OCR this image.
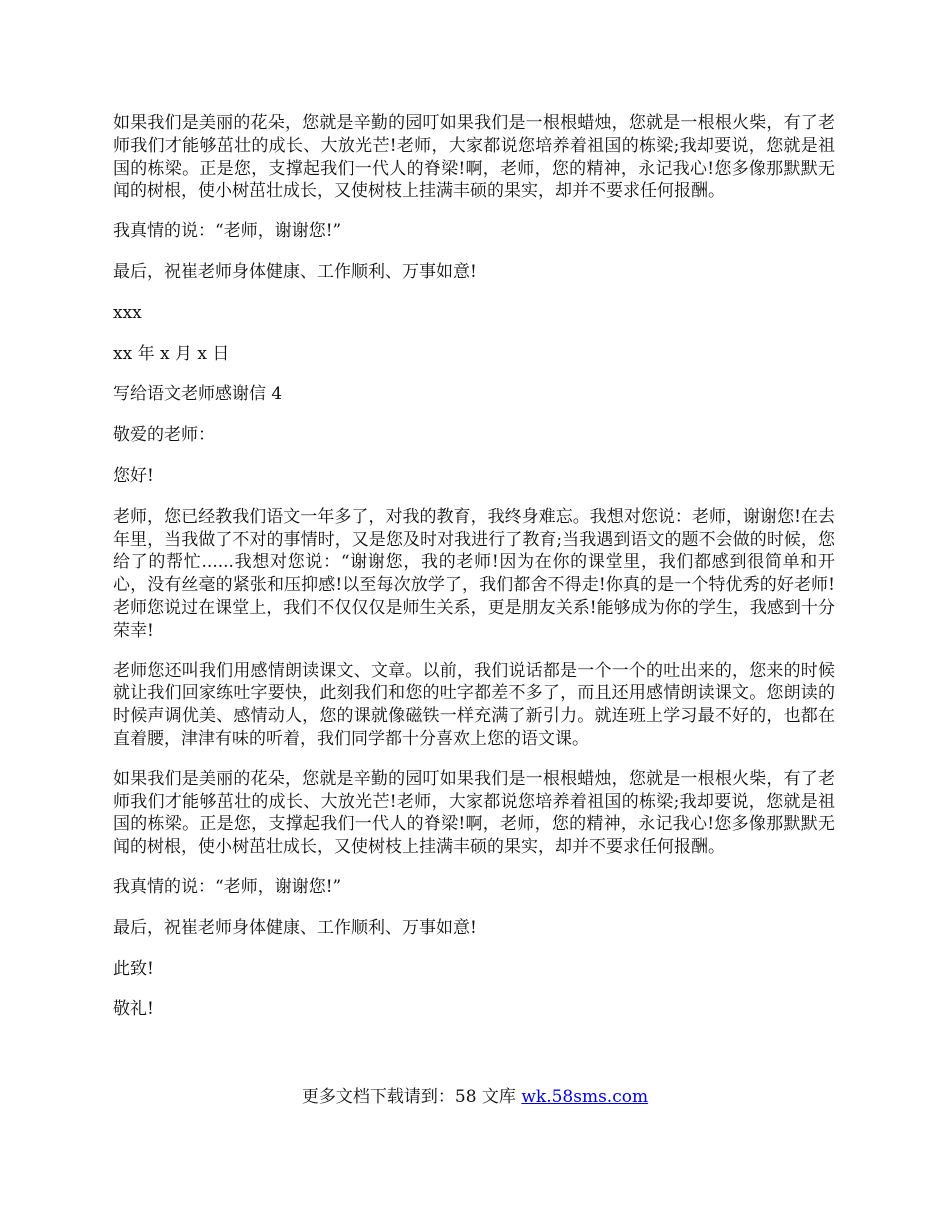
如果我们是美丽的花朵，您就是辛勤的园叮如果我们是一根根蜡烛，您就是一根根火柴，有了老师我们才能够茁壮的成长、大放光芒!老师，大家都说您培养着祖国的栋梁;我却要说，您就是祖国的栋梁。正是您，支撑起我们一代人的脊梁!啊，老师，您的精神，永记我心!您多像那默默无闻的树根，使小树茁壮成长，又使树枝上挂满丰硕的果实，却并不要求任何报酬。

我真情的说：“老师，谢谢您!”

最后，祝崔老师身体健康、工作顺利、万事如意!

xxx

xx 年 x 月 x 日

写给语文老师感谢信 4

敬爱的老师：

您好!

老师，您已经教我们语文一年多了，对我的教育，我终身难忘。我想对您说：老师，谢谢您!在去年里，当我做了不对的事情时，又是您及时对我进行了教育;当我遇到语文的题不会做的时候，您给了的帮忙......我想对您说：“谢谢您，我的老师!因为在你的课堂里，我们都感到很简单和开心，没有丝毫的紧张和压抑感!以至每次放学了，我们都舍不得走!你真的是一个特优秀的好老师!老师您说过在课堂上，我们不仅仅仅是师生关系，更是朋友关系!能够成为你的学生，我感到十分荣幸!

老师您还叫我们用感情朗读课文、文章。以前，我们说话都是一个一个的吐出来的，您来的时候就让我们回家练吐字要快，此刻我们和您的吐字都差不多了，而且还用感情朗读课文。您朗读的时候声调优美、感情动人，您的课就像磁铁一样充满了新引力。就连班上学习最不好的，也都在直着腰，津津有味的听着，我们同学都十分喜欢上您的语文课。

如果我们是美丽的花朵，您就是辛勤的园叮如果我们是一根根蜡烛，您就是一根根火柴，有了老师我们才能够茁壮的成长、大放光芒!老师，大家都说您培养着祖国的栋梁;我却要说，您就是祖国的栋梁。正是您，支撑起我们一代人的脊梁!啊，老师，您的精神，永记我心!您多像那默默无闻的树根，使小树茁壮成长，又使树枝上挂满丰硕的果实，却并不要求任何报酬。

我真情的说：“老师，谢谢您!”

最后，祝崔老师身体健康、工作顺利、万事如意!

此致!

敬礼!

更多文档下载请到：58 文库 wk.58sms.com
